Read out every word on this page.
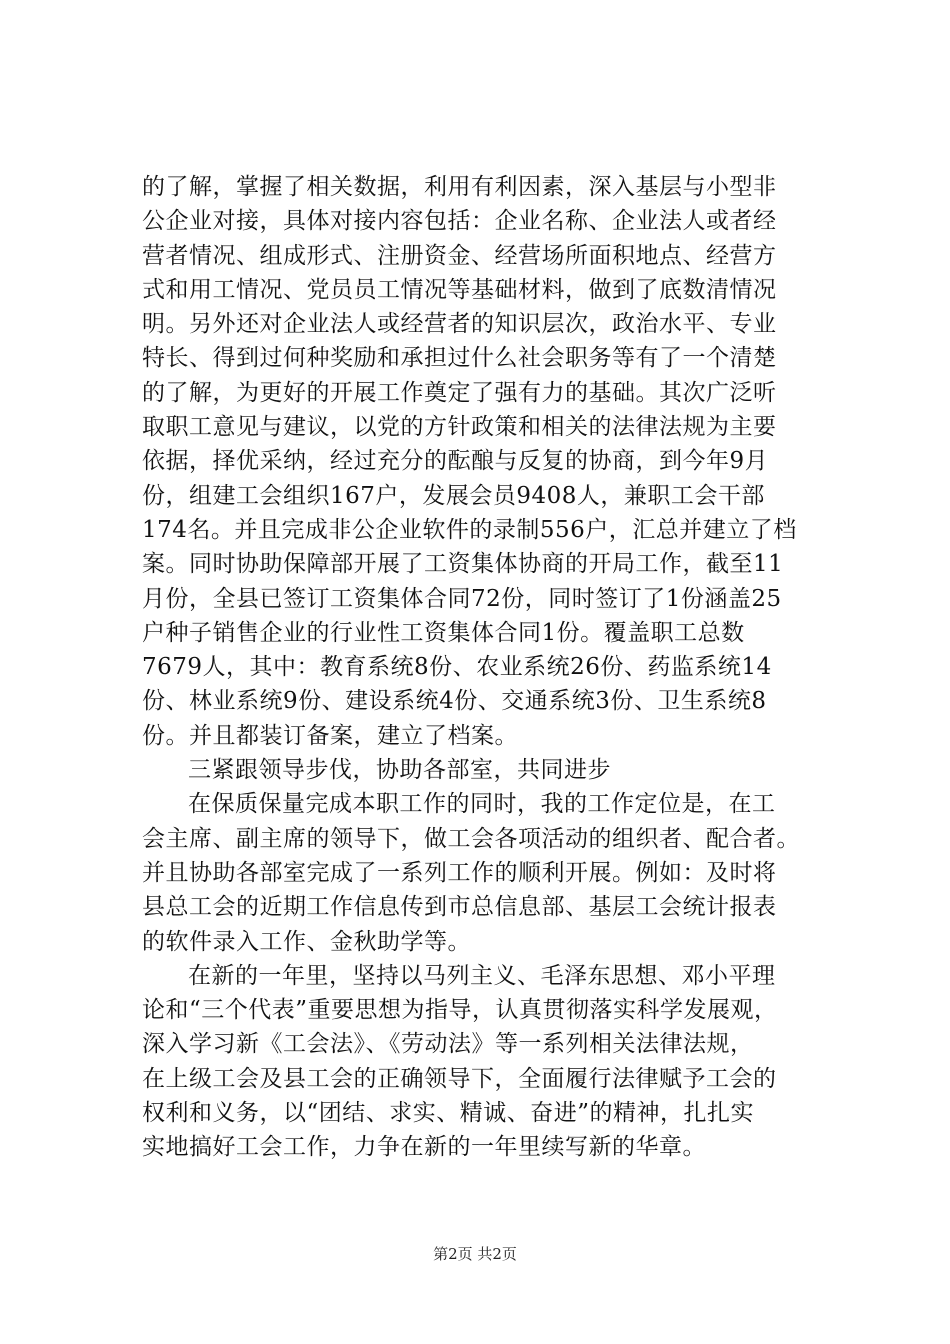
的了解，掌握了相关数据，利用有利因素，深入基层与小型非
公企业对接，具体对接内容包括：企业名称、企业法人或者经
营者情况、组成形式、注册资金、经营场所面积地点、经营方
式和用工情况、党员员工情况等基础材料，做到了底数清情况
明。另外还对企业法人或经营者的知识层次，政治水平、专业
特长、得到过何种奖励和承担过什么社会职务等有了一个清楚
的了解，为更好的开展工作奠定了强有力的基础。其次广泛听
取职工意见与建议，以党的方针政策和相关的法律法规为主要
依据，择优采纳，经过充分的酝酿与反复的协商，到今年9月
份，组建工会组织167户，发展会员9408人，兼职工会干部
174名。并且完成非公企业软件的录制556户，汇总并建立了档
案。同时协助保障部开展了工资集体协商的开局工作，截至11
月份，全县已签订工资集体合同72份，同时签订了1份涵盖25
户种子销售企业的行业性工资集体合同1份。覆盖职工总数
7679人，其中：教育系统8份、农业系统26份、药监系统14
份、林业系统9份、建设系统4份、交通系统3份、卫生系统8
份。并且都装订备案，建立了档案。
三紧跟领导步伐，协助各部室，共同进步
在保质保量完成本职工作的同时，我的工作定位是，在工
会主席、副主席的领导下，做工会各项活动的组织者、配合者。
并且协助各部室完成了一系列工作的顺利开展。例如：及时将
县总工会的近期工作信息传到市总信息部、基层工会统计报表
的软件录入工作、金秋助学等。
在新的一年里，坚持以马列主义、毛泽东思想、邓小平理
论和“三个代表”重要思想为指导，认真贯彻落实科学发展观，
深入学习新《工会法》、《劳动法》等一系列相关法律法规，
在上级工会及县工会的正确领导下，全面履行法律赋予工会的
权利和义务，以“团结、求实、精诚、奋进”的精神，扎扎实
实地搞好工会工作，力争在新的一年里续写新的华章。
第2页 共2页
